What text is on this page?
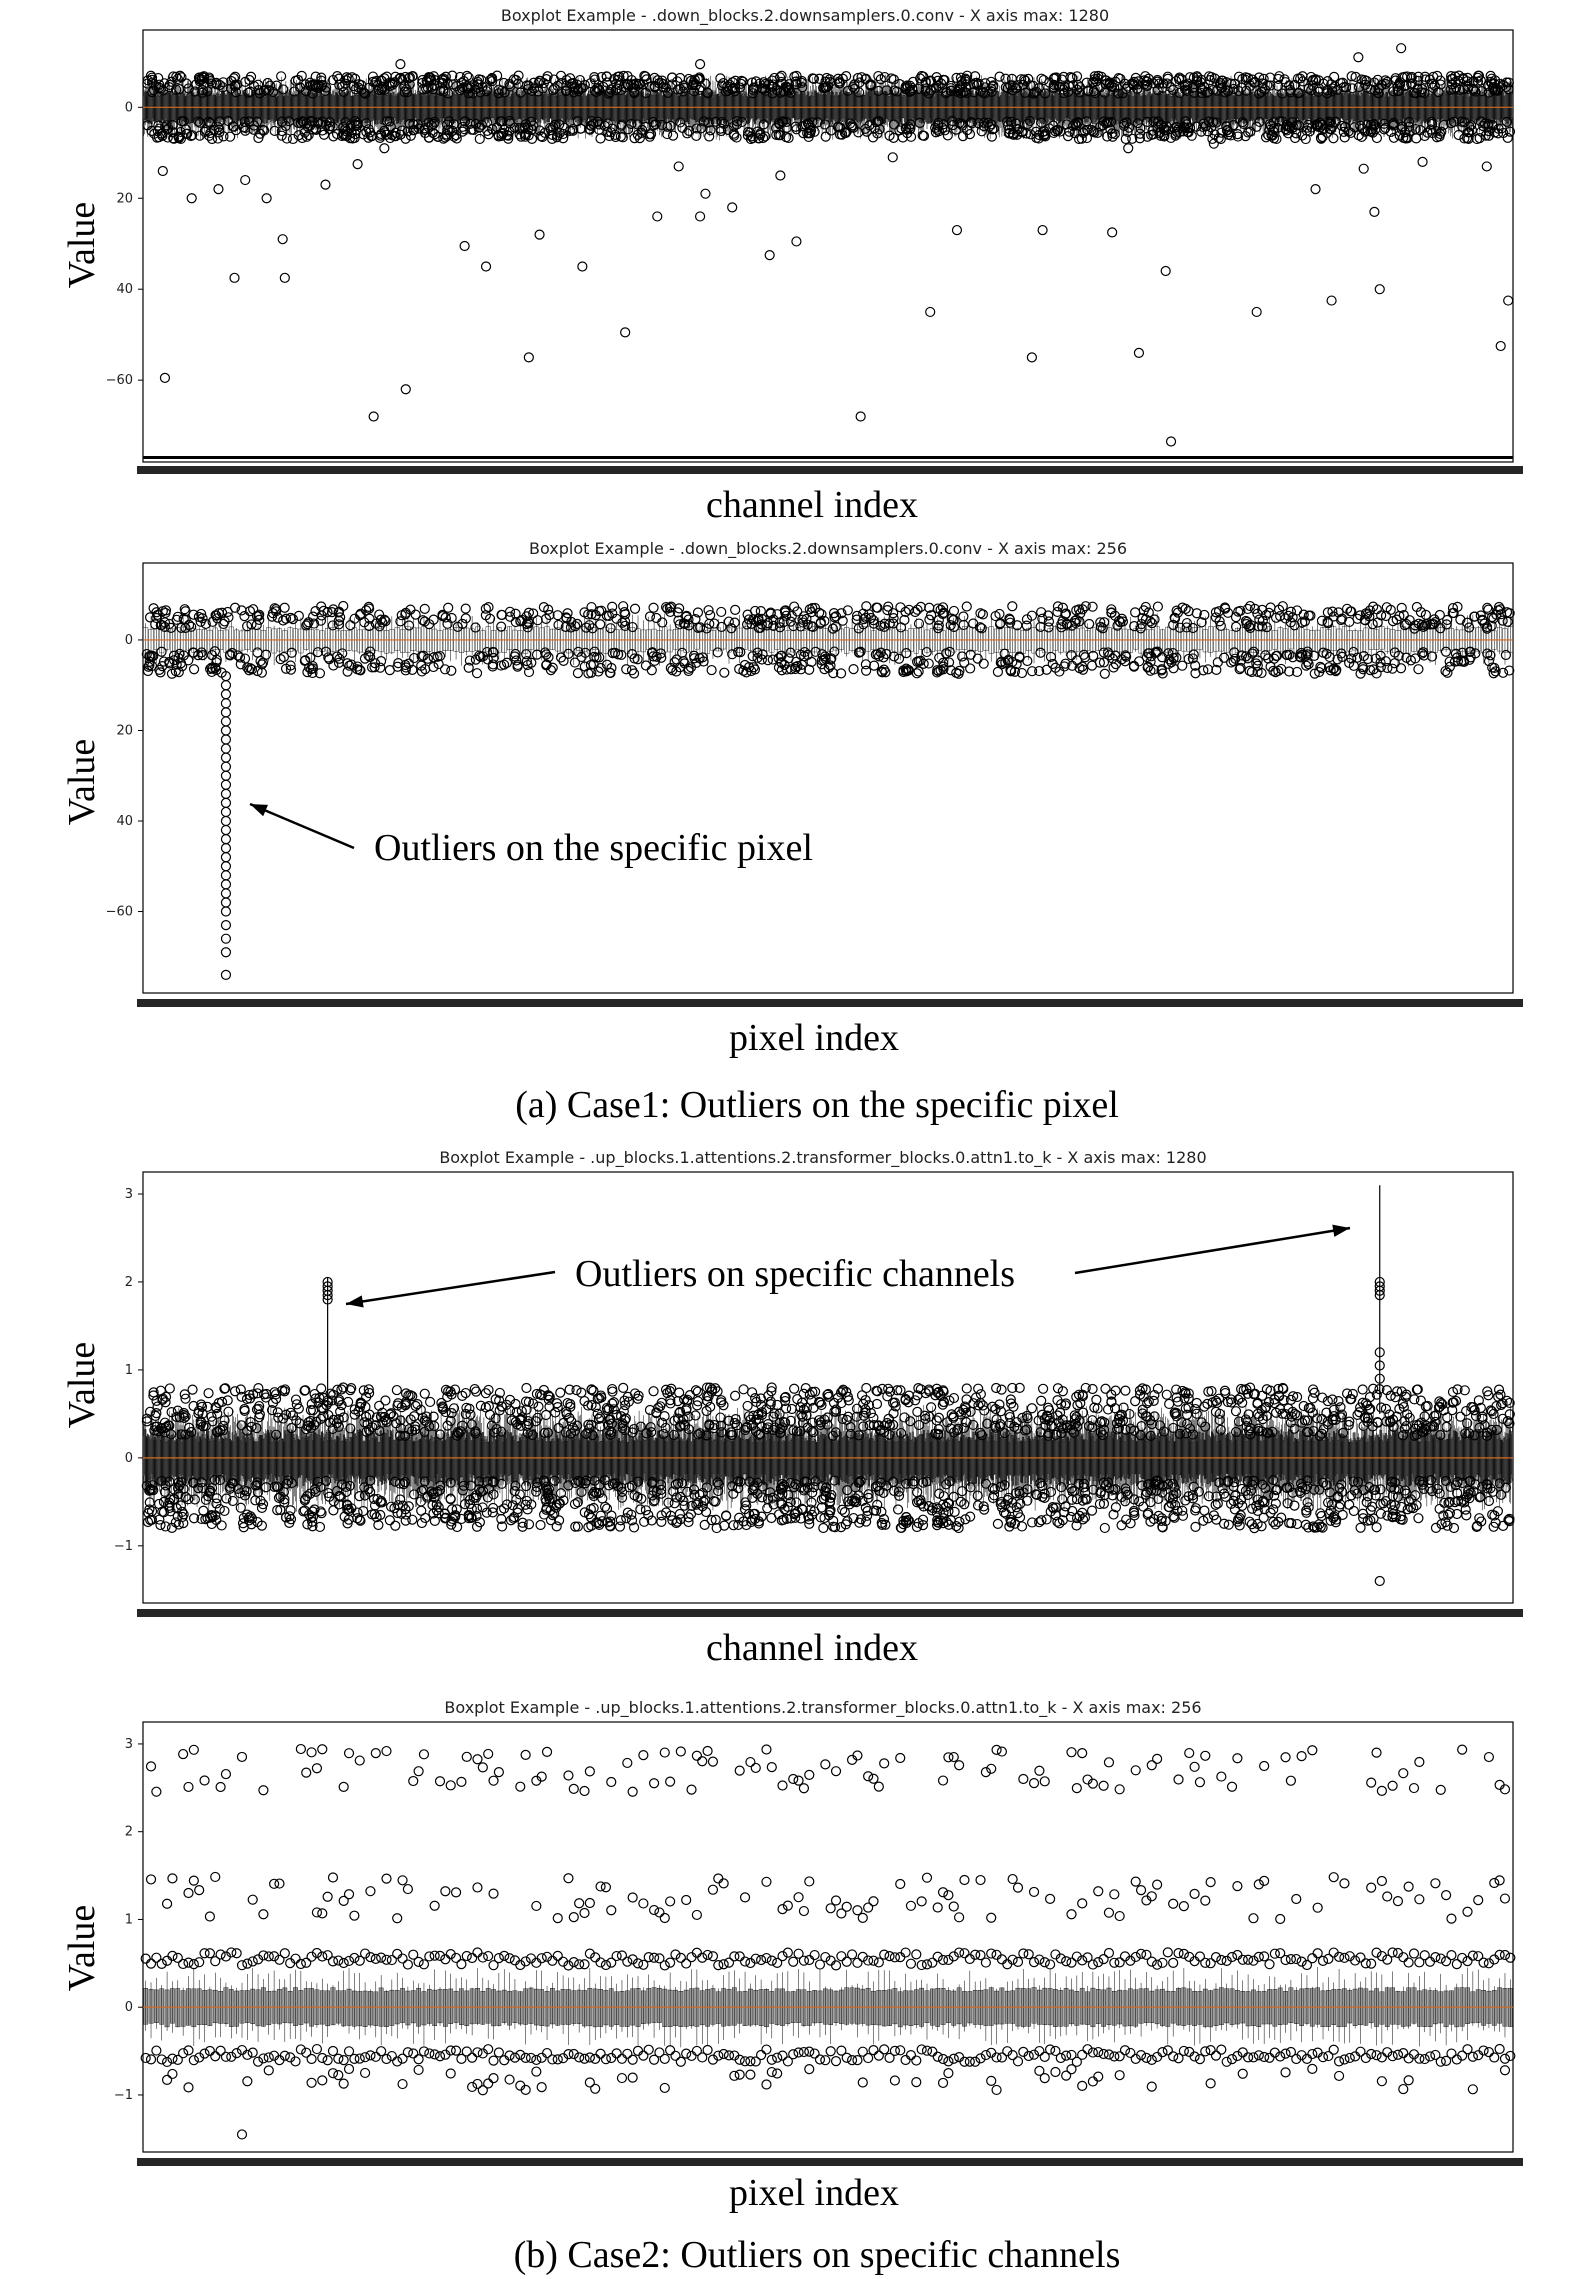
Boxplot Example - .down_blocks.2.downsamplers.0.conv - X axis max: 1280
Value
channel index
0
20
40
−60
Boxplot Example - .down_blocks.2.downsamplers.0.conv - X axis max: 256
Value
pixel index
Outliers on the specific pixel
0
20
40
−60
(a) Case1: Outliers on the specific pixel
Boxplot Example - .up_blocks.1.attentions.2.transformer_blocks.0.attn1.to_k - X axis max: 1280
Value
channel index
Outliers on specific channels
3
2
1
0
−1
Boxplot Example - .up_blocks.1.attentions.2.transformer_blocks.0.attn1.to_k - X axis max: 256
Value
pixel index
3
2
1
0
−1
(b) Case2: Outliers on specific channels
